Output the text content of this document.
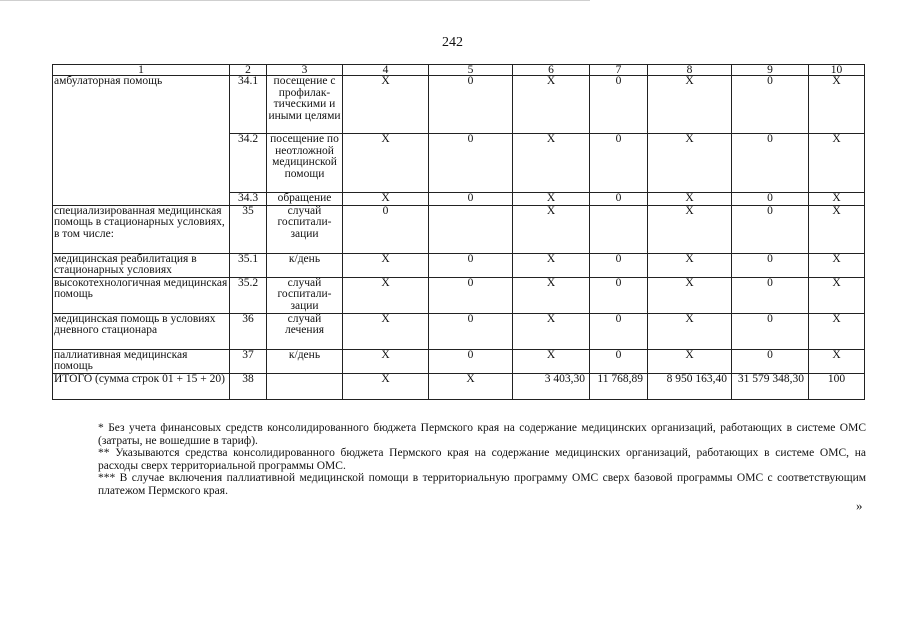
242
1	2	3	4	5	6	7	8	9	10
амбулаторная помощь	34.1	посещение с профилак-тическими и иными целями	Х	0	Х	0	Х	0	Х
	34.2	посещение по неотложной медицинской помощи	Х	0	Х	0	Х	0	Х
	34.3	обращение	Х	0	Х	0	Х	0	Х
специализированная медицинская помощь в стационарных условиях, в том числе:	35	случай госпитали-зации	0		Х		Х	0	Х
медицинская реабилитация в стационарных условиях	35.1	к/день	Х	0	Х	0	Х	0	Х
высокотехнологичная медицинская помощь	35.2	случай госпитали-зации	Х	0	Х	0	Х	0	Х
медицинская помощь в условиях дневного стационара	36	случай лечения	Х	0	Х	0	Х	0	Х
паллиативная медицинская помощь	37	к/день	Х	0	Х	0	Х	0	Х
ИТОГО (сумма строк 01 + 15 + 20)	38		Х	Х	3 403,30	11 768,89	8 950 163,40	31 579 348,30	100

* Без учета финансовых средств консолидированного бюджета Пермского края на содержание медицинских организаций, работающих в системе ОМС (затраты, не вошедшие в тариф).

** Указываются средства консолидированного бюджета Пермского края на содержание медицинских организаций, работающих в системе ОМС, на расходы сверх территориальной программы ОМС.

*** В случае включения паллиативной медицинской помощи в территориальную программу ОМС сверх базовой программы ОМС с соответствующим платежом Пермского края.

»
